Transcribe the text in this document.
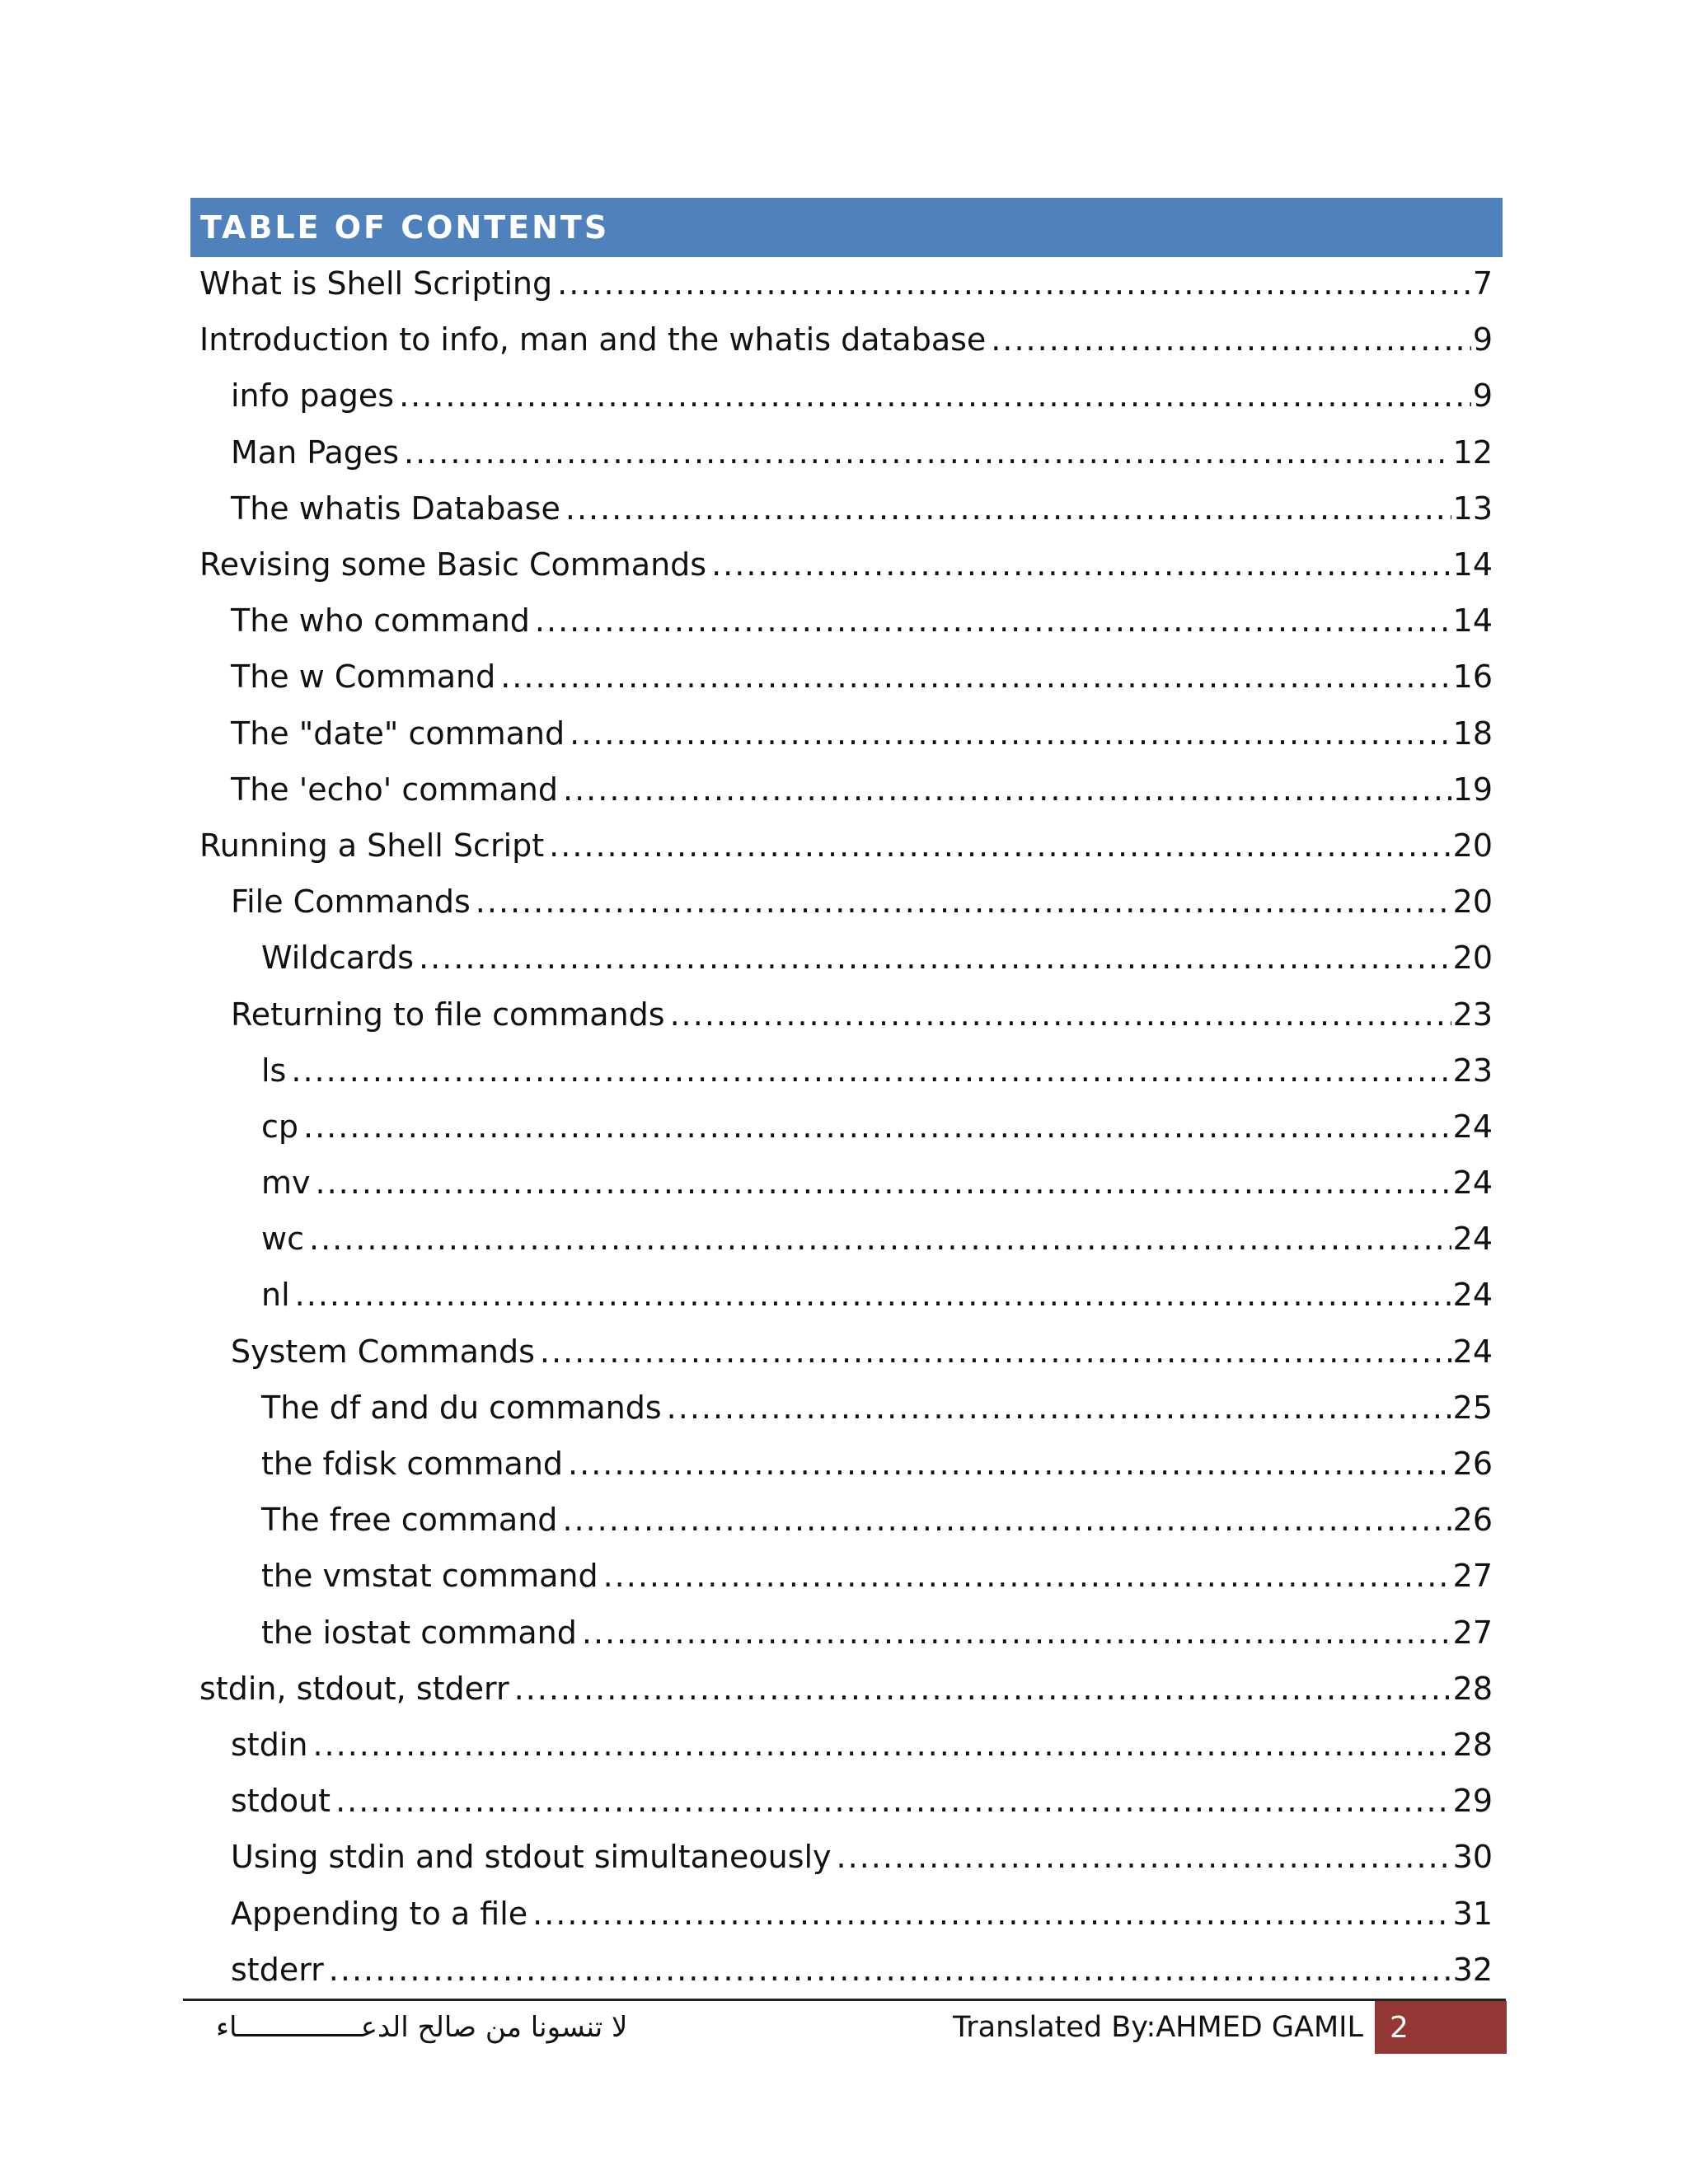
TABLE OF CONTENTS
What is Shell Scripting .....	7
Introduction to info, man and the whatis database .....	9
info pages .....	9
Man Pages .....	12
The whatis Database .....	13
Revising some Basic Commands .....	14
The who command .....	14
The w Command .....	16
The "date" command .....	18
The 'echo' command .....	19
Running a Shell Script .....	20
File Commands .....	20
Wildcards .....	20
Returning to file commands .....	23
ls .....	23
cp .....	24
mv .....	24
wc .....	24
nl .....	24
System Commands .....	24
The df and du commands .....	25
the fdisk command .....	26
The free command .....	26
the vmstat command .....	27
the iostat command .....	27
stdin, stdout, stderr .....	28
stdin .....	28
stdout .....	29
Using stdin and stdout simultaneously .....	30
Appending to a file .....	31
stderr .....	32
لا تنسونا من صالح الدعـــــــــــــــاء	Translated By:AHMED GAMIL 2
